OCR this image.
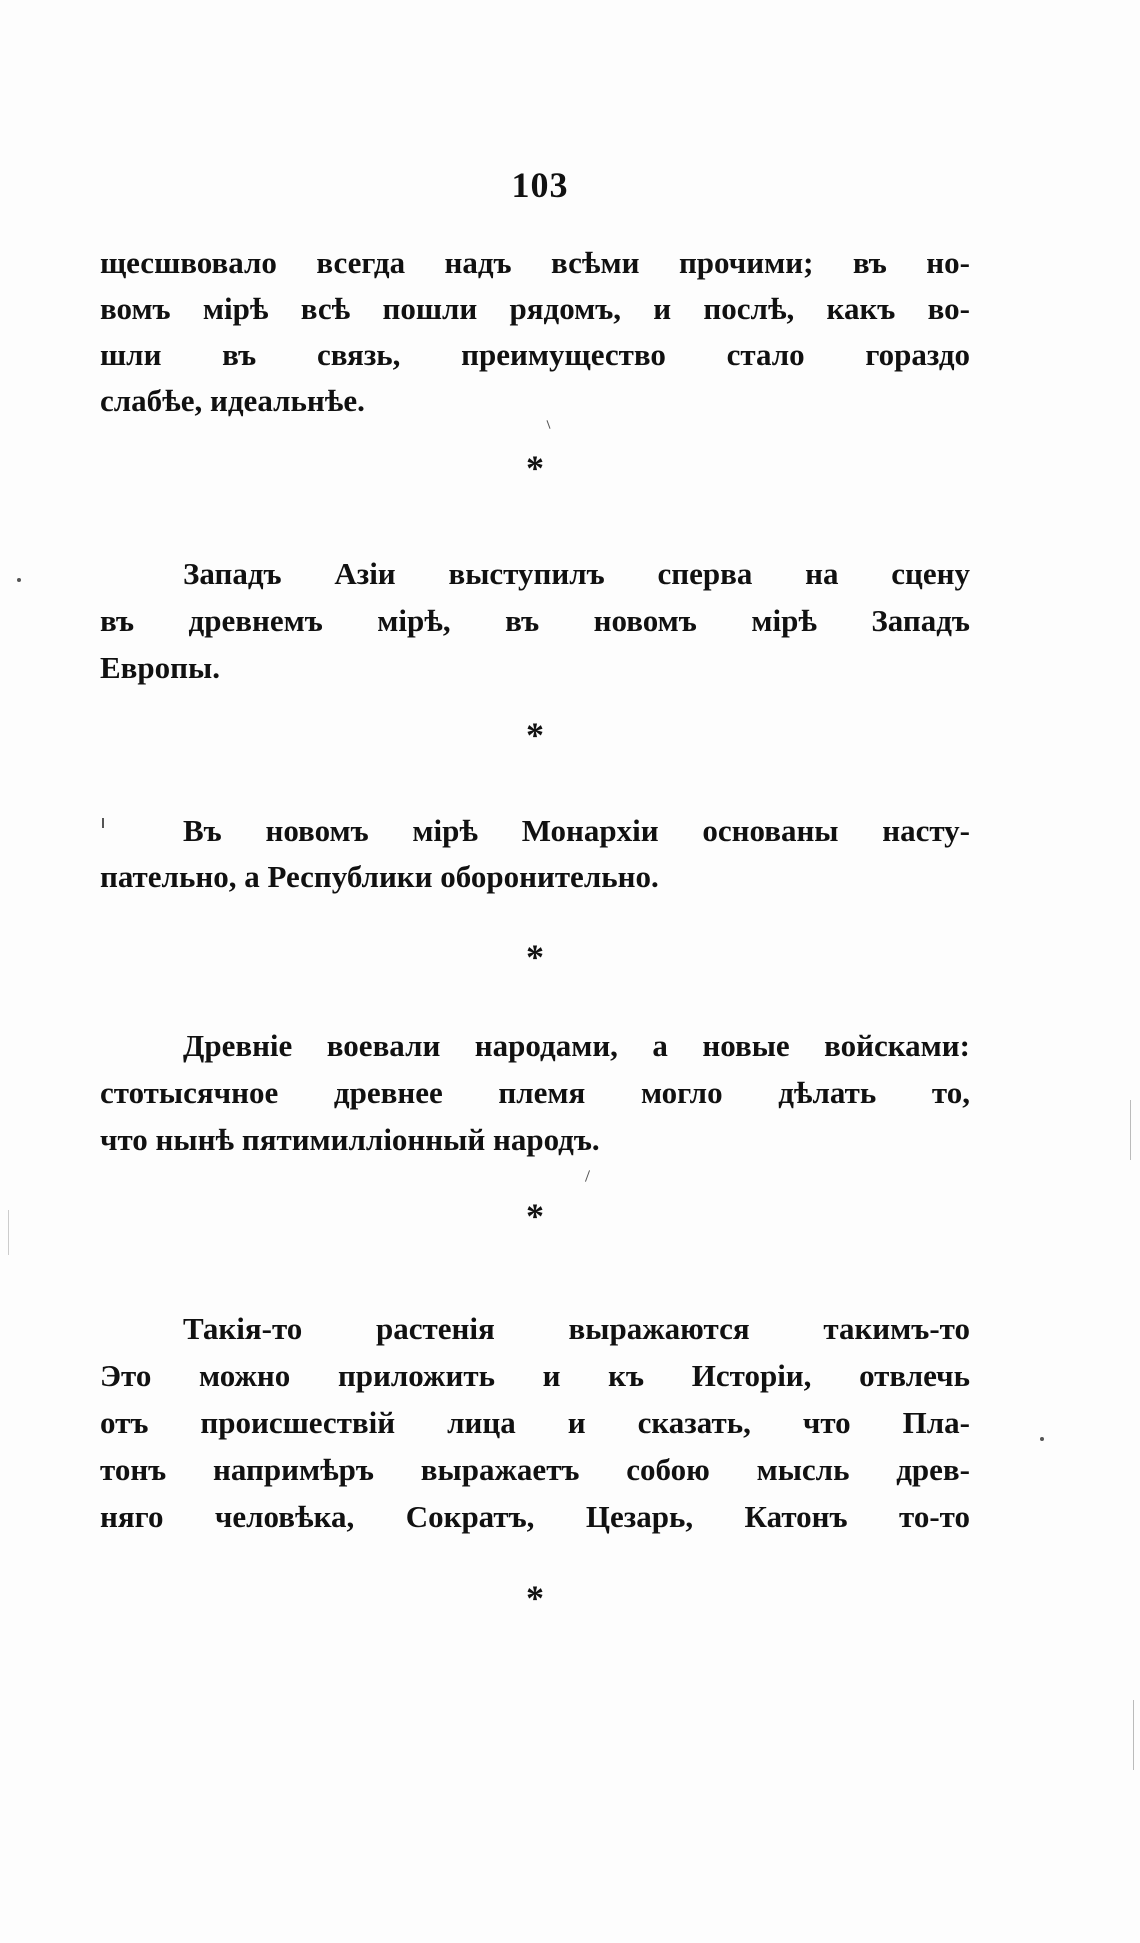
103
щесшвовало всегда надъ всѣми прочими; въ но-
вомъ мірѣ всѣ пошли рядомъ, и послѣ, какъ во-
шли въ связь, преимущество стало гораздо
слабѣе, идеальнѣе.
*
Западъ Азіи выступилъ сперва на сцену
въ древнемъ мірѣ, въ новомъ мірѣ Западъ
Европы.
*
Въ новомъ мірѣ Монархіи основаны насту-
пательно, а Республики оборонительно.
*
Древніе воевали народами, а новые войсками:
стотысячное древнее племя могло дѣлать то,
что нынѣ пятимилліонный народъ.
*
Такія-то растенія выражаются такимъ-то
Это можно приложить и къ Исторіи, отвлечь
отъ происшествій лица и сказать, что Пла-
тонъ напримѣръ выражаетъ собою мысль древ-
няго человѣка, Сократъ, Цезарь, Катонъ то-то
*
